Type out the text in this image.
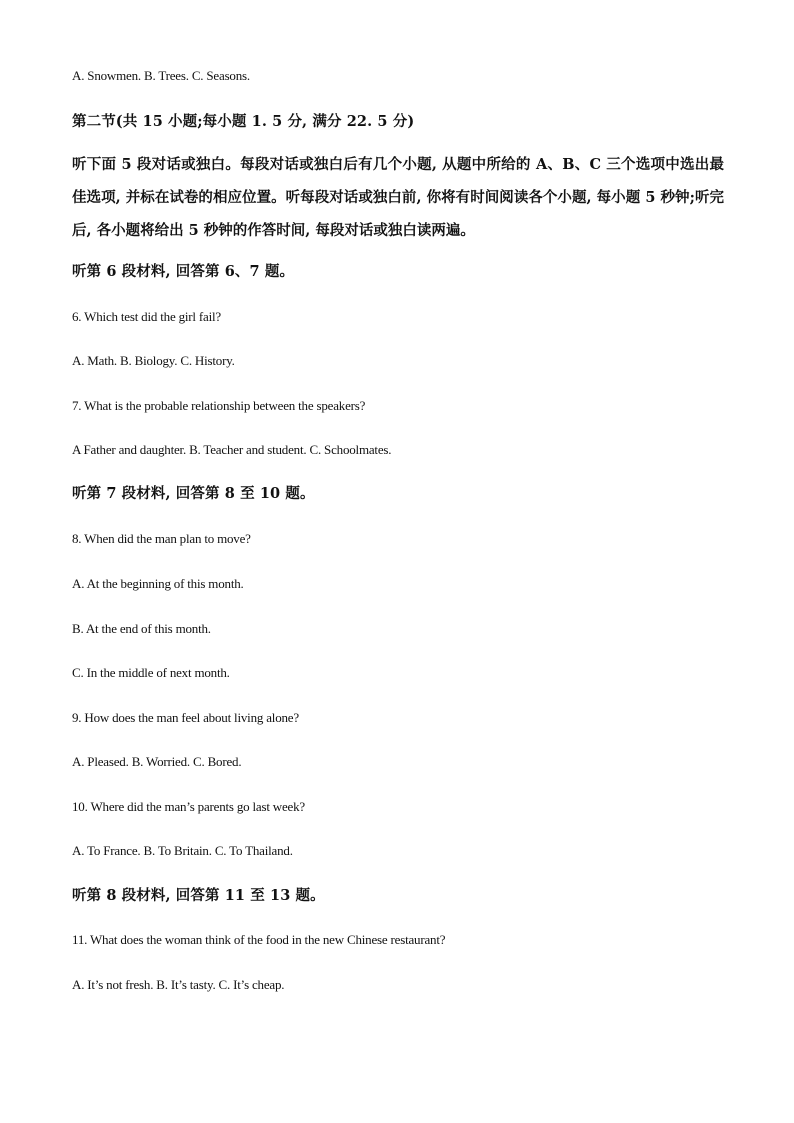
A. Snowmen. B. Trees. C. Seasons.
第二节(共 15 小题;每小题 1. 5 分, 满分 22. 5 分)
听下面 5 段对话或独白。每段对话或独白后有几个小题, 从题中所给的 A、B、C 三个选项中选出最佳选项, 并标在试卷的相应位置。听每段对话或独白前, 你将有时间阅读各个小题, 每小题 5 秒钟;听完后, 各小题将给出 5 秒钟的作答时间, 每段对话或独白读两遍。
听第 6 段材料, 回答第 6、7 题。
6. Which test did the girl fail?
A. Math. B. Biology. C. History.
7. What is the probable relationship between the speakers?
A Father and daughter. B. Teacher and student. C. Schoolmates.
听第 7 段材料, 回答第 8 至 10 题。
8. When did the man plan to move?
A. At the beginning of this month.
B. At the end of this month.
C. In the middle of next month.
9. How does the man feel about living alone?
A. Pleased. B. Worried. C. Bored.
10. Where did the man’s parents go last week?
A. To France. B. To Britain. C. To Thailand.
听第 8 段材料, 回答第 11 至 13 题。
11. What does the woman think of the food in the new Chinese restaurant?
A. It’s not fresh. B. It’s tasty. C. It’s cheap.
